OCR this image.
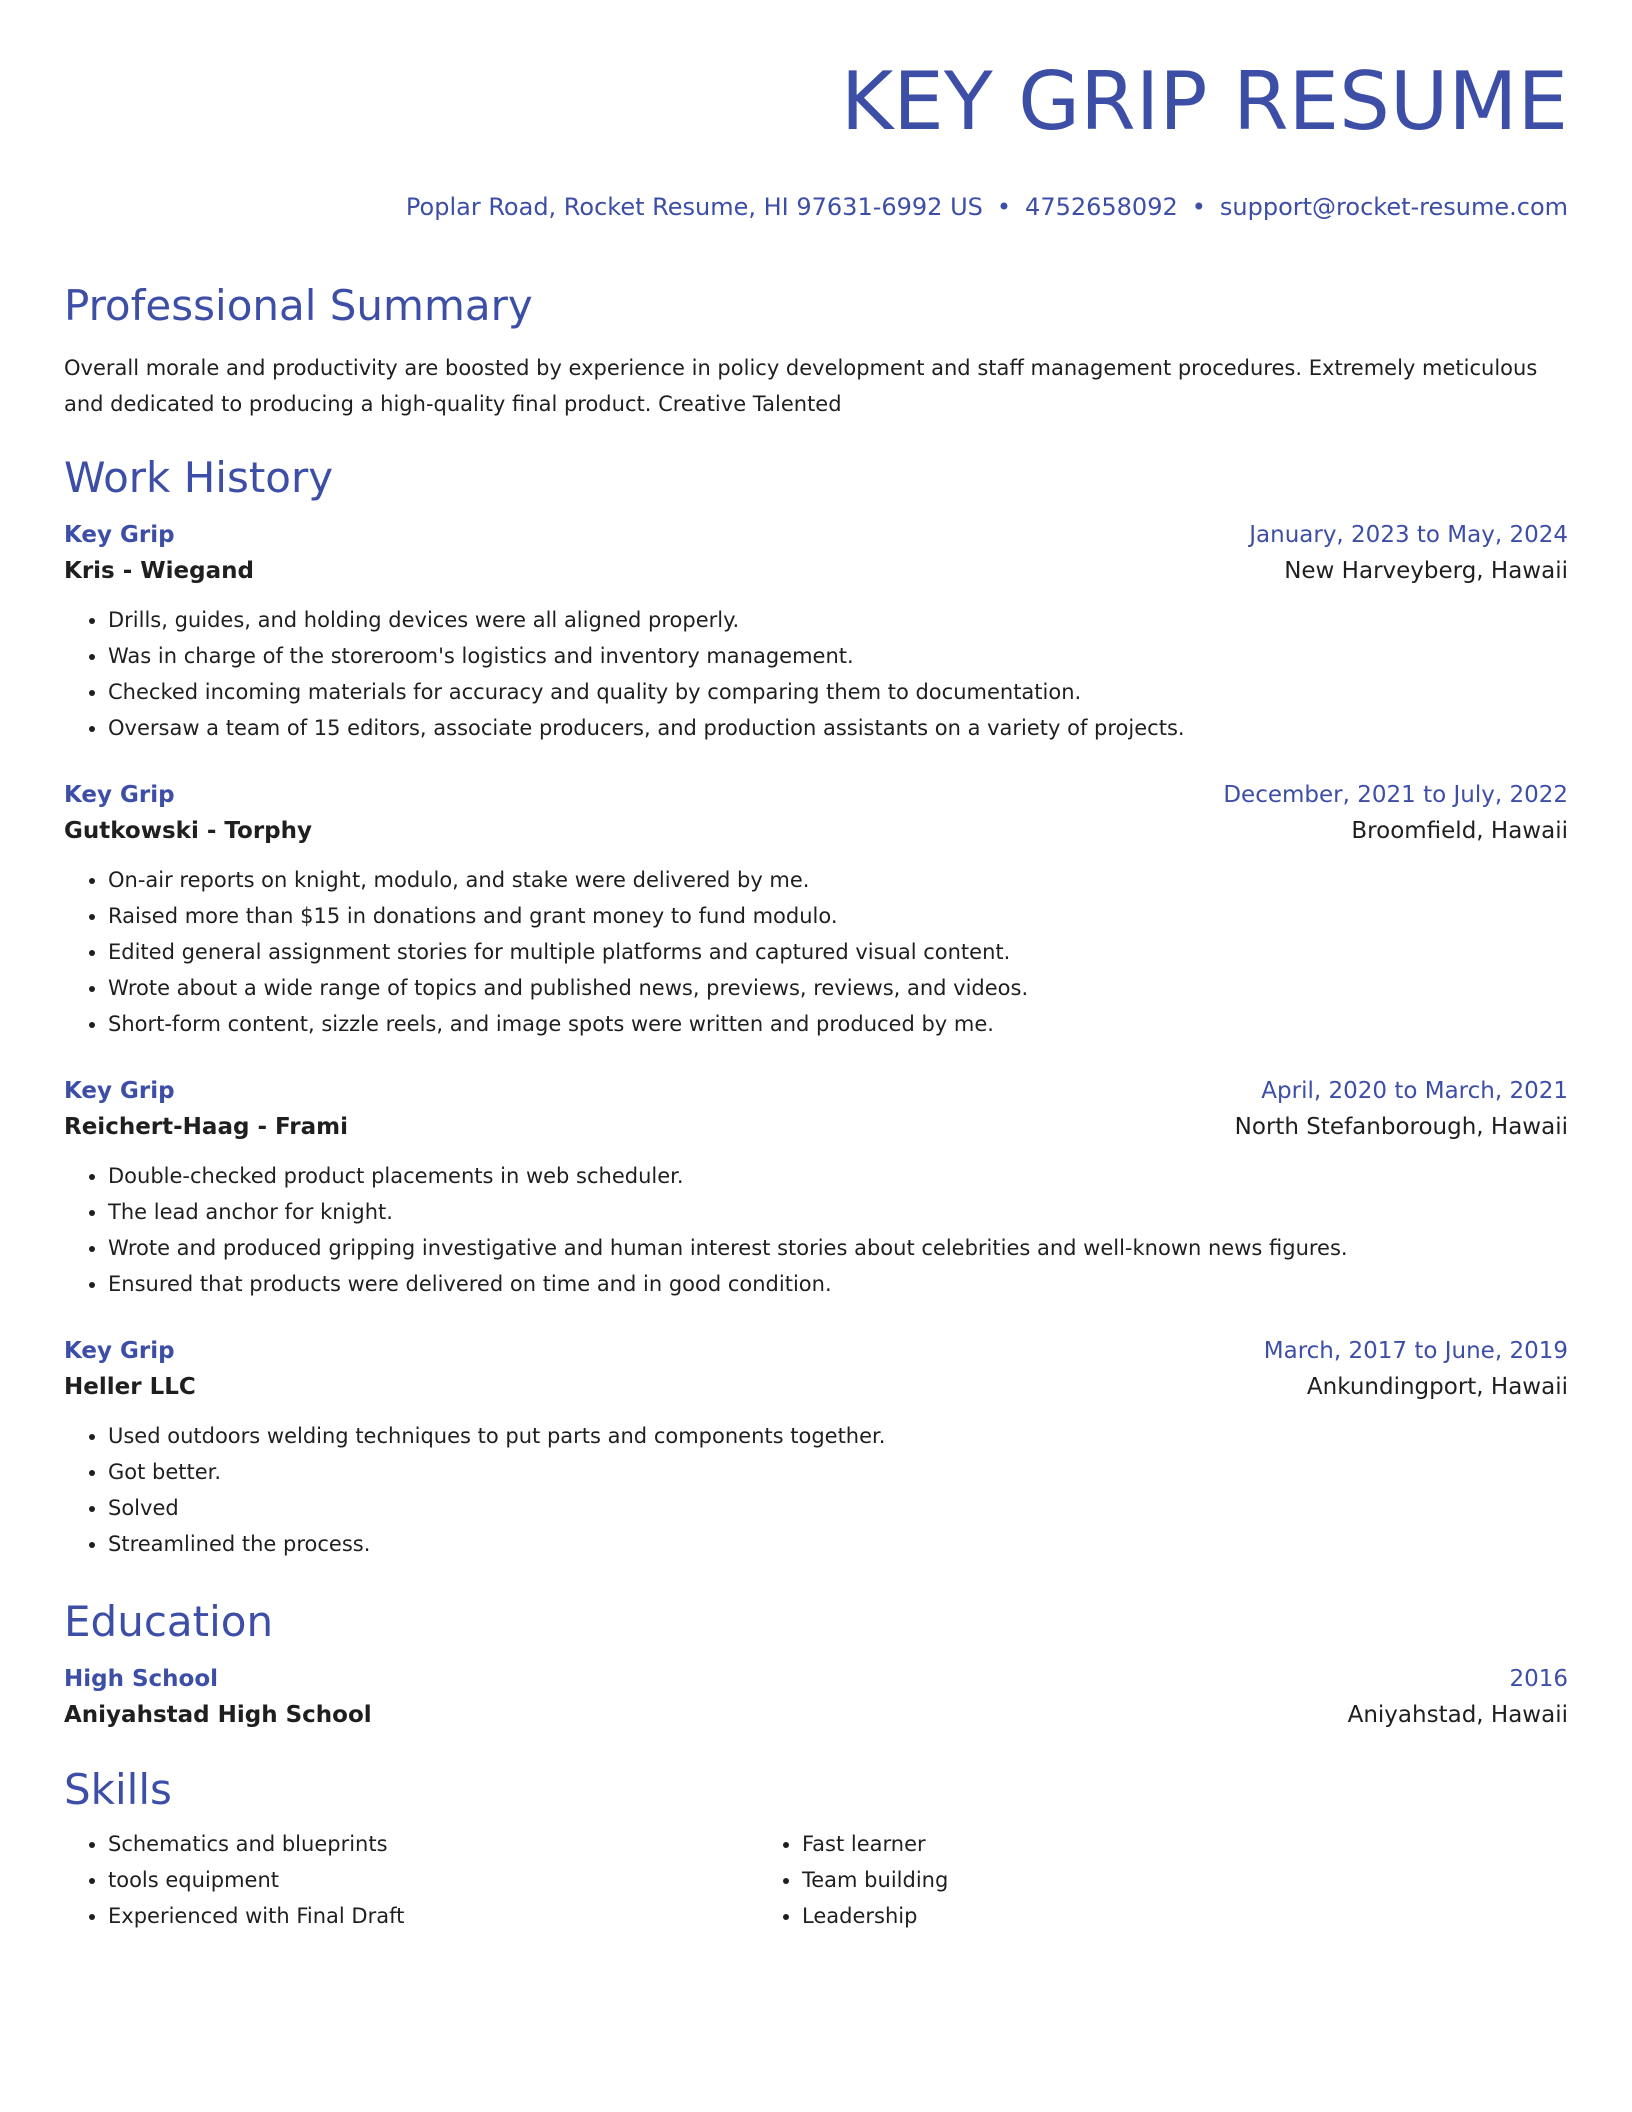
KEY GRIP RESUME
Poplar Road, Rocket Resume, HI 97631-6992 US • 4752658092 • support@rocket-resume.com
Professional Summary
Overall morale and productivity are boosted by experience in policy development and staff management procedures. Extremely meticulous and dedicated to producing a high-quality final product. Creative Talented
Work History
Key Grip	January, 2023 to May, 2024
Kris - Wiegand	New Harveyberg, Hawaii
• Drills, guides, and holding devices were all aligned properly.
• Was in charge of the storeroom's logistics and inventory management.
• Checked incoming materials for accuracy and quality by comparing them to documentation.
• Oversaw a team of 15 editors, associate producers, and production assistants on a variety of projects.
Key Grip	December, 2021 to July, 2022
Gutkowski - Torphy	Broomfield, Hawaii
• On-air reports on knight, modulo, and stake were delivered by me.
• Raised more than $15 in donations and grant money to fund modulo.
• Edited general assignment stories for multiple platforms and captured visual content.
• Wrote about a wide range of topics and published news, previews, reviews, and videos.
• Short-form content, sizzle reels, and image spots were written and produced by me.
Key Grip	April, 2020 to March, 2021
Reichert-Haag - Frami	North Stefanborough, Hawaii
• Double-checked product placements in web scheduler.
• The lead anchor for knight.
• Wrote and produced gripping investigative and human interest stories about celebrities and well-known news figures.
• Ensured that products were delivered on time and in good condition.
Key Grip	March, 2017 to June, 2019
Heller LLC	Ankundingport, Hawaii
• Used outdoors welding techniques to put parts and components together.
• Got better.
• Solved
• Streamlined the process.
Education
High School	2016
Aniyahstad High School	Aniyahstad, Hawaii
Skills
• Schematics and blueprints
• tools equipment
• Experienced with Final Draft
• Fast learner
• Team building
• Leadership
